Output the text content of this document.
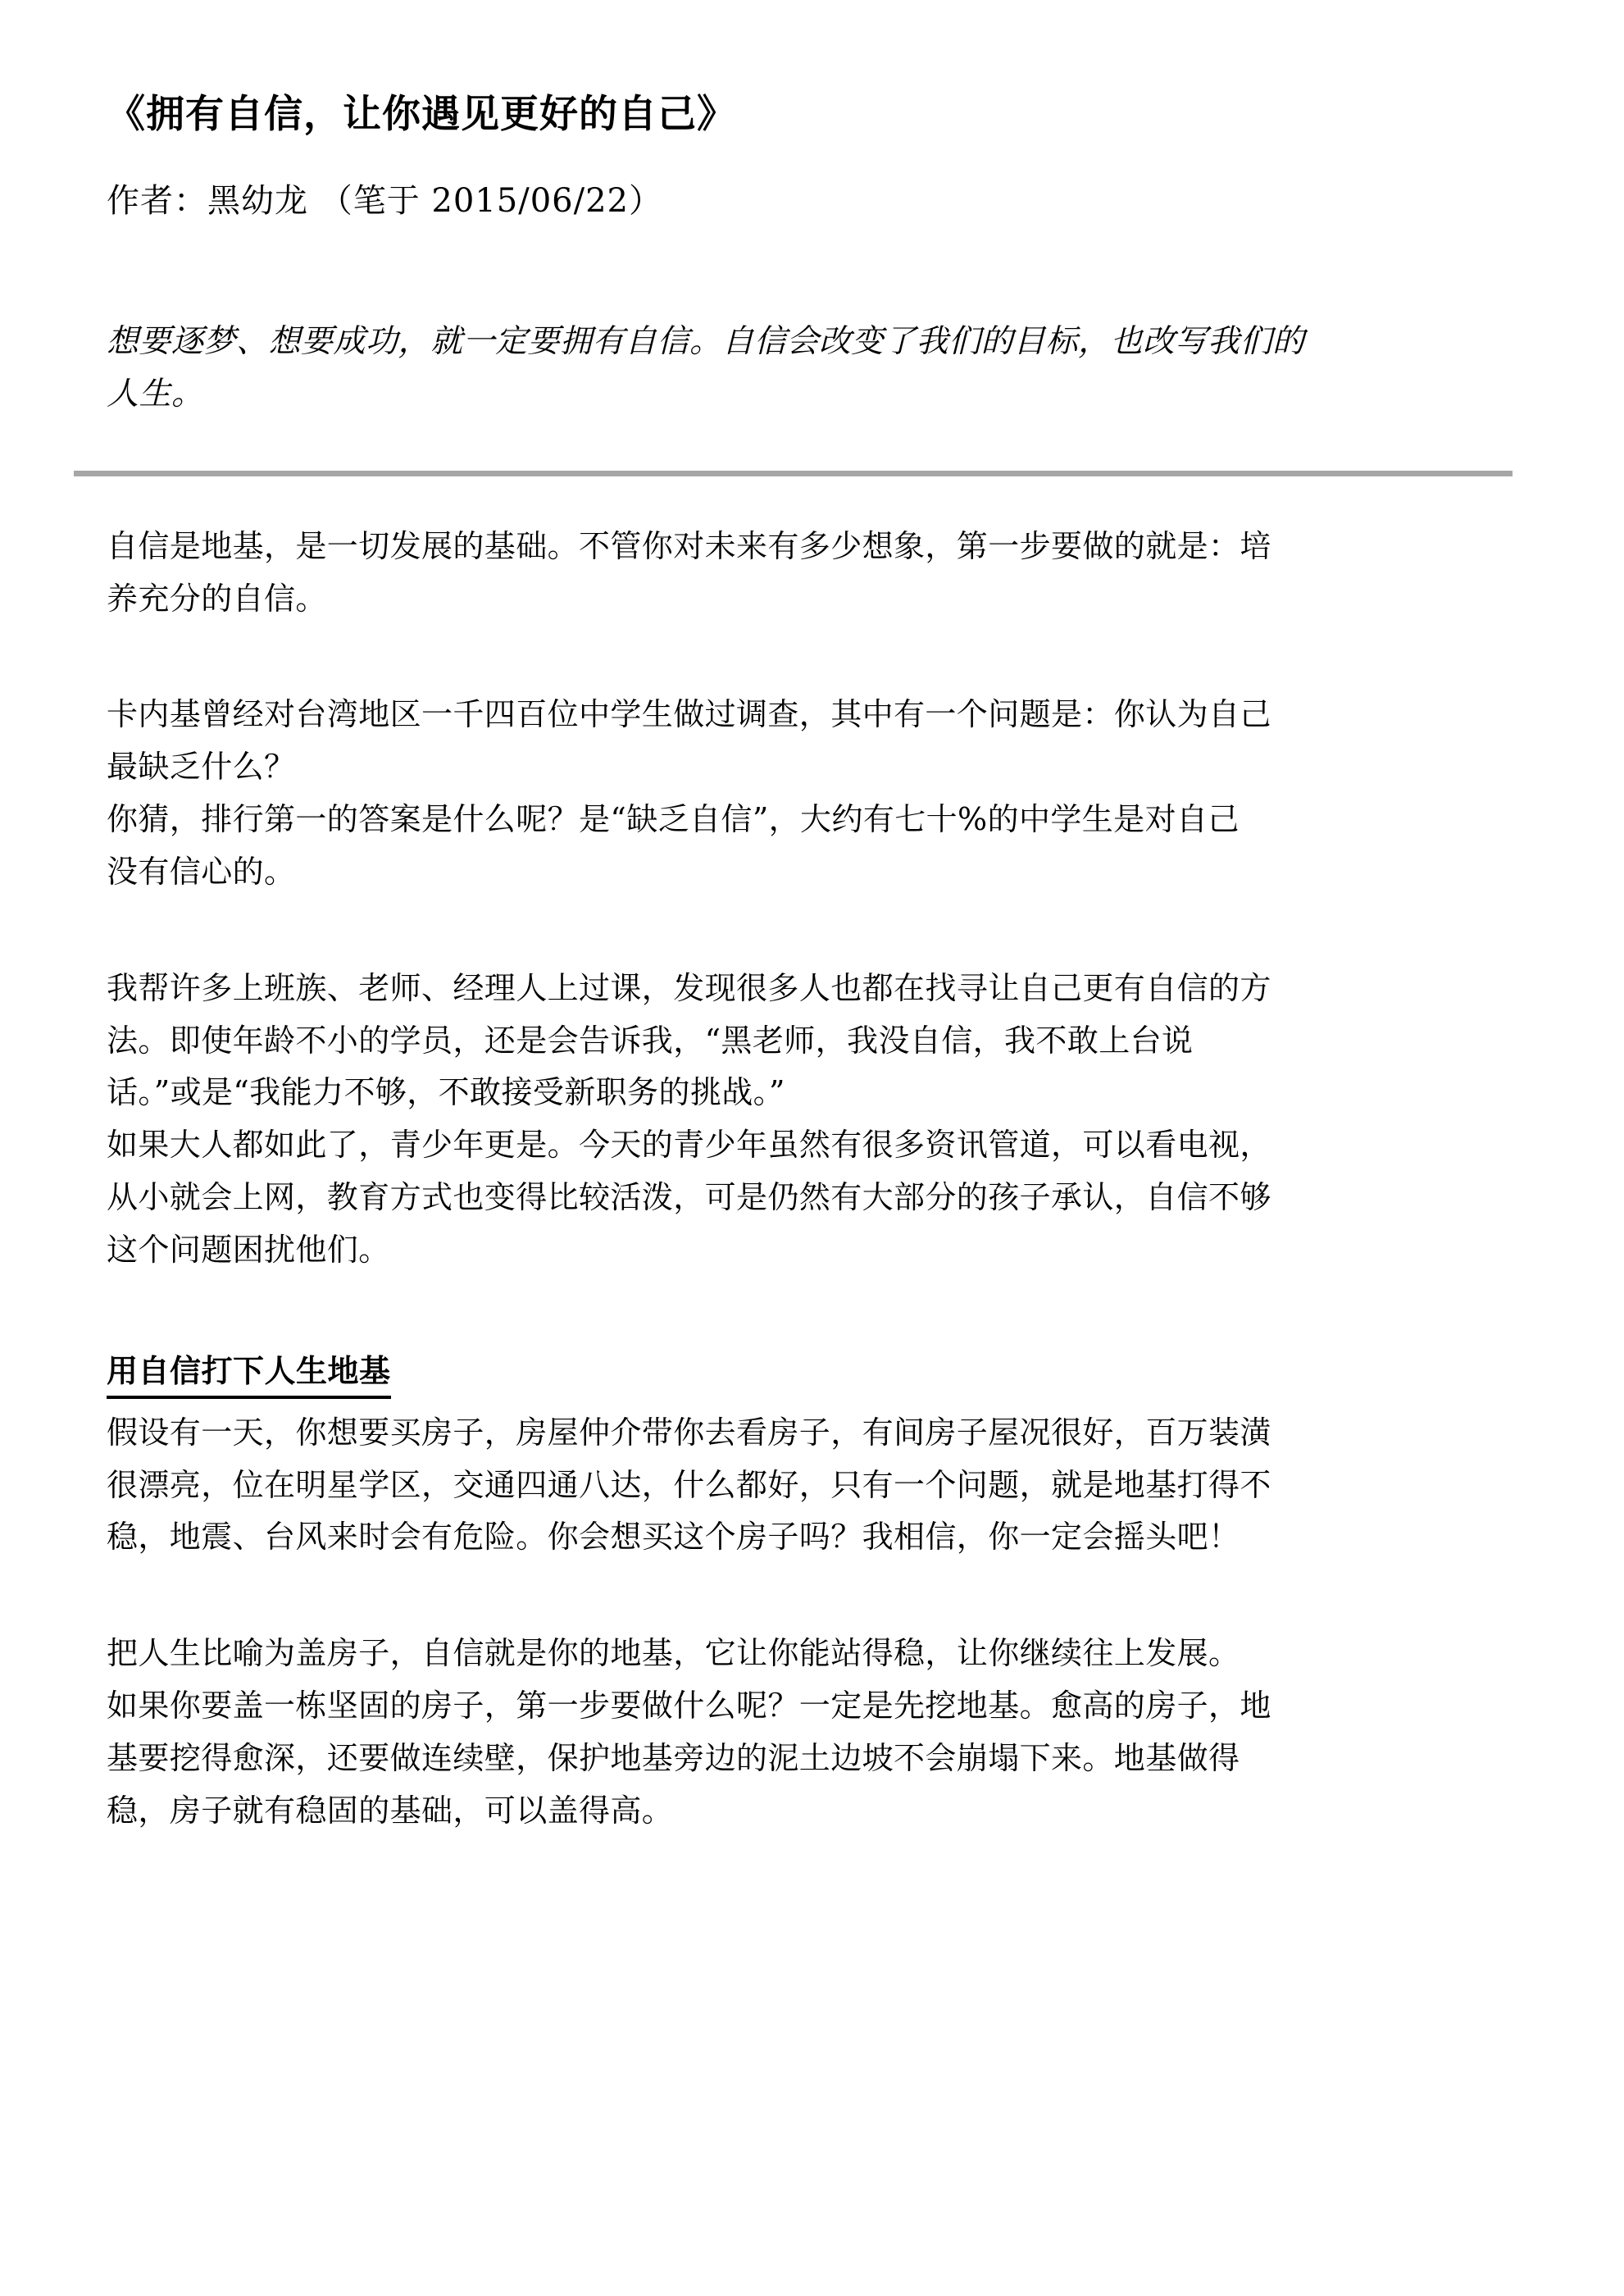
《拥有自信，让你遇见更好的自己》
作者：黑幼龙 （笔于 2015/06/22）
想要逐梦、想要成功，就一定要拥有自信。自信会改变了我们的目标，也改写我们的
人生。

自信是地基，是一切发展的基础。不管你对未来有多少想象，第一步要做的就是：培
养充分的自信。

卡内基曾经对台湾地区一千四百位中学生做过调查，其中有一个问题是：你认为自己
最缺乏什么？
你猜，排行第一的答案是什么呢？是“缺乏自信”，大约有七十%的中学生是对自己
没有信心的。

我帮许多上班族、老师、经理人上过课，发现很多人也都在找寻让自己更有自信的方
法。即使年龄不小的学员，还是会告诉我，“黑老师，我没自信，我不敢上台说
话。”或是“我能力不够，不敢接受新职务的挑战。”
如果大人都如此了，青少年更是。今天的青少年虽然有很多资讯管道，可以看电视，
从小就会上网，教育方式也变得比较活泼，可是仍然有大部分的孩子承认，自信不够
这个问题困扰他们。

用自信打下人生地基

假设有一天，你想要买房子，房屋仲介带你去看房子，有间房子屋况很好，百万装潢
很漂亮，位在明星学区，交通四通八达，什么都好，只有一个问题，就是地基打得不
稳，地震、台风来时会有危险。你会想买这个房子吗？我相信，你一定会摇头吧！

把人生比喻为盖房子，自信就是你的地基，它让你能站得稳，让你继续往上发展。
如果你要盖一栋坚固的房子，第一步要做什么呢？一定是先挖地基。愈高的房子，地
基要挖得愈深，还要做连续壁，保护地基旁边的泥土边坡不会崩塌下来。地基做得
稳，房子就有稳固的基础，可以盖得高。
